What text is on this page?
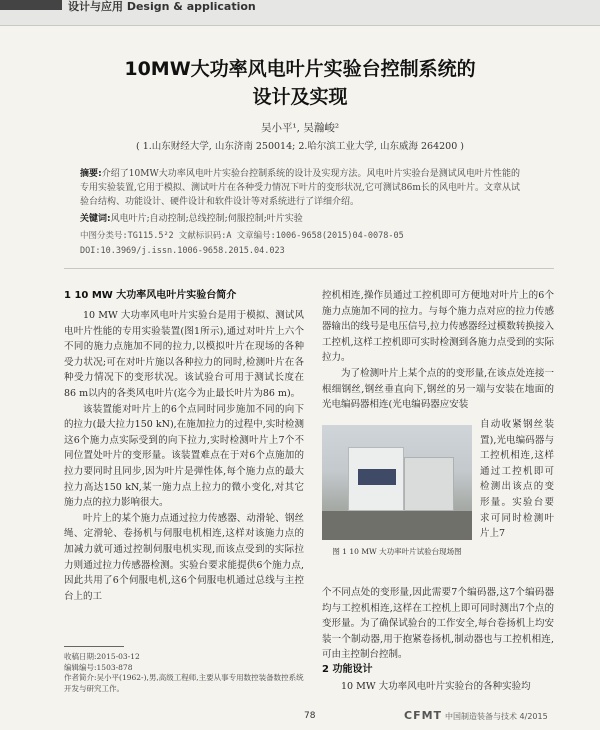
设计与应用 Design & application
10MW大功率风电叶片实验台控制系统的
设计及实现
吴小平¹, 吴瀚峻²
( 1.山东财经大学, 山东济南 250014; 2.哈尔滨工业大学, 山东威海 264200 )
摘要:介绍了10MW大功率风电叶片实验台控制系统的设计及实现方法。风电叶片实验台是测试风电叶片性能的专用实验装置,它用于模拟、测试叶片在各种受力情况下叶片的变形状况,它可测试86m长的风电叶片。文章从试验台结构、功能设计、硬件设计和软件设计等对系统进行了详细介绍。
关键词:风电叶片;自动控制;总线控制;伺服控制;叶片实验
中图分类号:TG115.5²2 文献标识码:A 文章编号:1006-9658(2015)04-0078-05
DOI:10.3969/j.issn.1006-9658.2015.04.023
1 10 MW 大功率风电叶片实验台简介

10 MW 大功率风电叶片实验台是用于模拟、测试风电叶片性能的专用实验装置(图1所示),通过对叶片上六个不同的施力点施加不同的拉力,以模拟叶片在现场的各种受力状况;可在对叶片施以各种拉力的同时,检测叶片在各种受力情况下的变形状况。该试验台可用于测试长度在86 m以内的各类风电叶片(迄今为止最长叶片为86 m)。

该装置能对叶片上的6个点同时同步施加不同的向下的拉力(最大拉力150 kN),在施加拉力的过程中,实时检测这6个施力点实际受到的向下拉力,实时检测叶片上7个不同位置处叶片的变形量。该装置难点在于对6个点施加的拉力要同时且同步,因为叶片是弹性体,每个施力点的最大拉力高达150 kN,某一施力点上拉力的微小变化,对其它施力点的拉力影响很大。

叶片上的某个施力点通过拉力传感器、动滑轮、钢丝绳、定滑轮、卷扬机与伺服电机相连,这样对该施力点的加减力就可通过控制伺服电机实现,而该点受到的实际拉力则通过拉力传感器检测。实验台要求能提供6个施力点,因此共用了6个伺服电机,这6个伺服电机通过总线与主控台上的工

控机相连,操作员通过工控机即可方便地对叶片上的6个施力点施加不同的拉力。与每个施力点对应的拉力传感器输出的线号是电压信号,拉力传感器经过模数转换接入工控机,这样工控机即可实时检测到各施力点受到的实际拉力。

为了检测叶片上某个点的的变形量,在该点处连接一根细钢丝,钢丝垂直向下,钢丝的另一端与安装在地面的光电编码器相连(光电编码器应安装

图 1 10 MW 大功率叶片试验台现场图
自动收紧钢丝装置),光电编码器与工控机相连,这样通过工控机即可检测出该点的变形量。实验台要求可同时检测叶片上7
个不同点处的变形量,因此需要7个编码器,这7个编码器均与工控机相连,这样在工控机上即可同时测出7个点的变形量。为了确保试验台的工作安全,每台卷扬机上均安装一个制动器,用于抱紧卷扬机,制动器也与工控机相连,可由主控制台控制。
2 功能设计
10 MW 大功率风电叶片实验台的各种实验均
收稿日期:2015-03-12
编辑编号:1503-878
作者简介:吴小平(1962-),男,高级工程师,主要从事专用数控装备数控系统开发与研究工作。
78	CFMT 中国制造装备与技术 4/2015
